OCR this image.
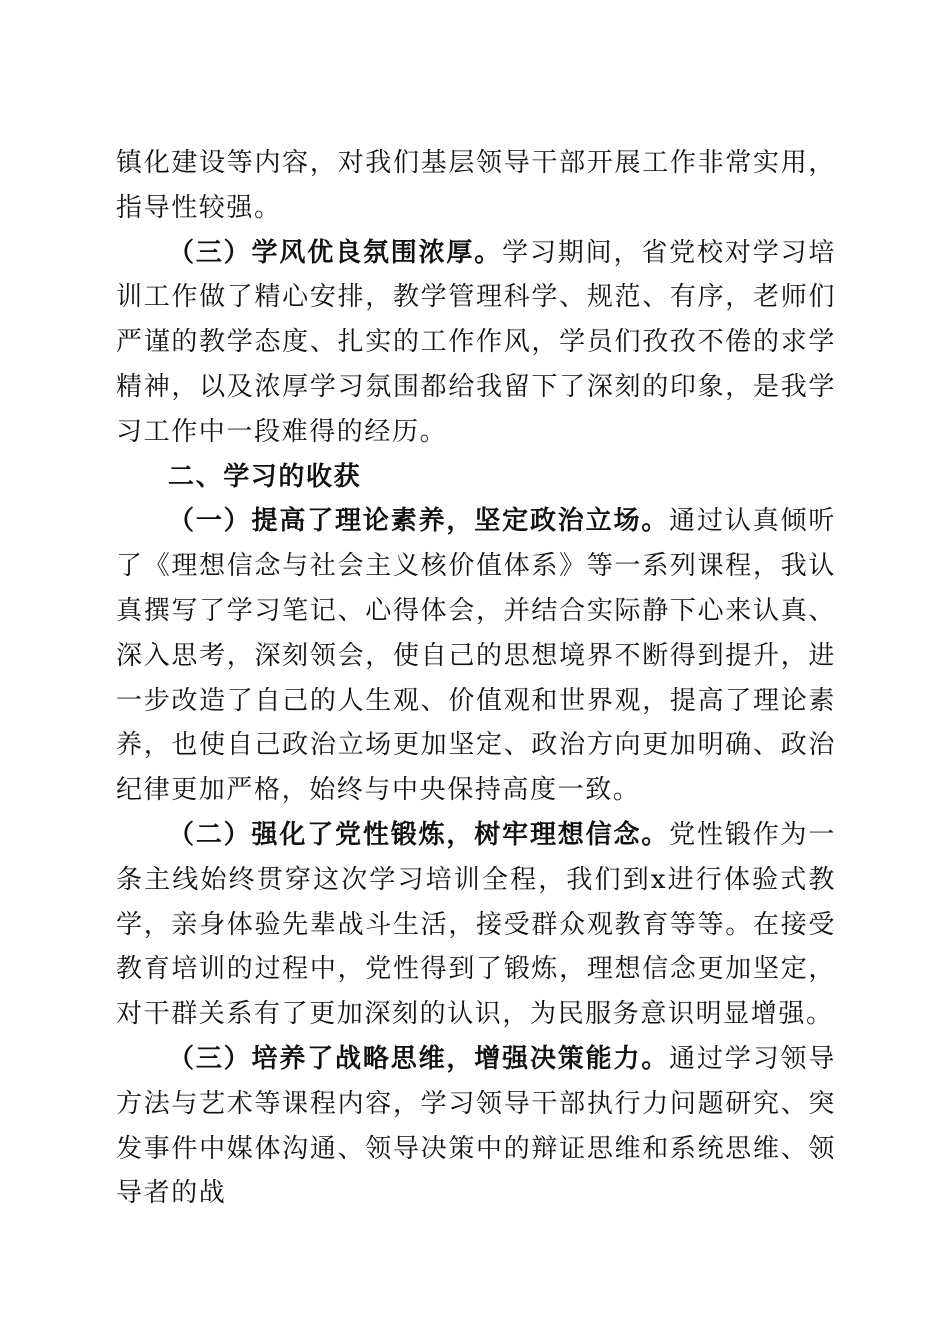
镇化建设等内容，对我们基层领导干部开展工作非常实用，指导性较强。

（三）学风优良氛围浓厚。学习期间，省党校对学习培训工作做了精心安排，教学管理科学、规范、有序，老师们严谨的教学态度、扎实的工作作风，学员们孜孜不倦的求学精神，以及浓厚学习氛围都给我留下了深刻的印象，是我学习工作中一段难得的经历。

二、学习的收获

（一）提高了理论素养，坚定政治立场。通过认真倾听了《理想信念与社会主义核价值体系》等一系列课程，我认真撰写了学习笔记、心得体会，并结合实际静下心来认真、深入思考，深刻领会，使自己的思想境界不断得到提升，进一步改造了自己的人生观、价值观和世界观，提高了理论素养，也使自己政治立场更加坚定、政治方向更加明确、政治纪律更加严格，始终与中央保持高度一致。

（二）强化了党性锻炼，树牢理想信念。党性锻作为一条主线始终贯穿这次学习培训全程，我们到x进行体验式教学，亲身体验先辈战斗生活，接受群众观教育等等。在接受教育培训的过程中，党性得到了锻炼，理想信念更加坚定，对干群关系有了更加深刻的认识，为民服务意识明显增强。

（三）培养了战略思维，增强决策能力。通过学习领导方法与艺术等课程内容，学习领导干部执行力问题研究、突发事件中媒体沟通、领导决策中的辩证思维和系统思维、领导者的战
